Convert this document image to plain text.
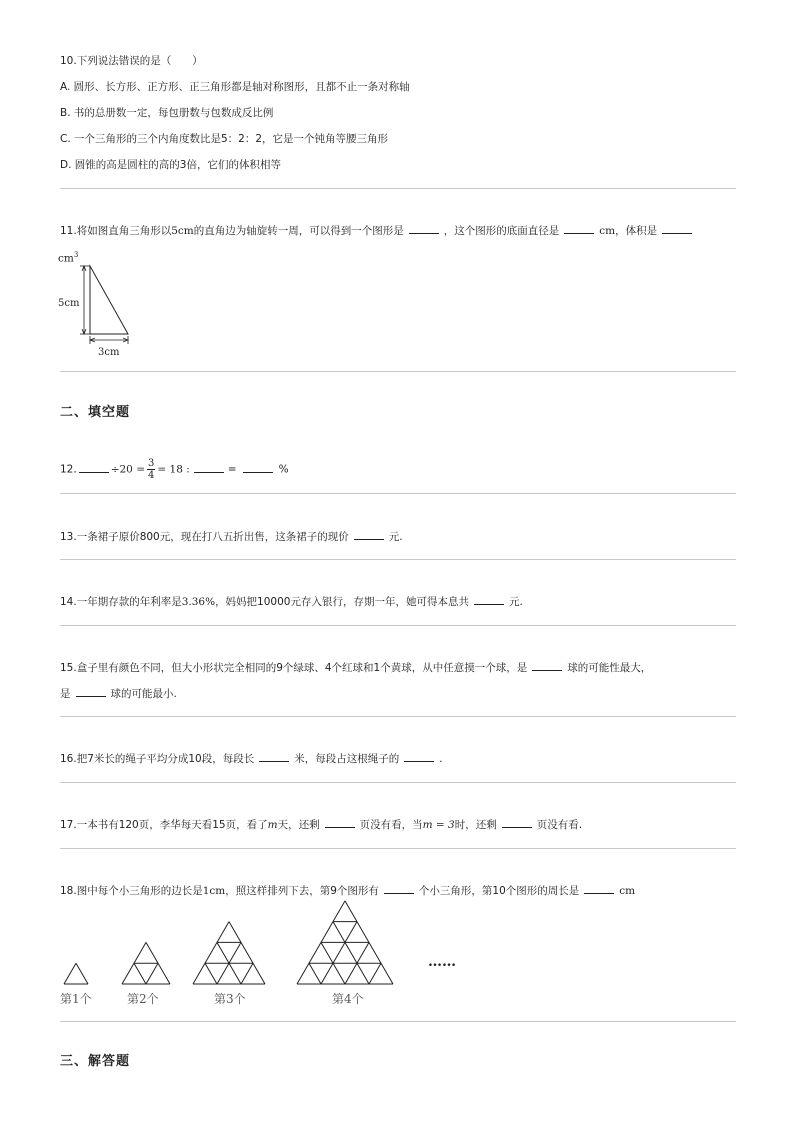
10.下列说法错误的是（　　）
A. 圆形、长方形、正方形、正三角形都是轴对称图形，且都不止一条对称轴
B. 书的总册数一定，每包册数与包数成反比例
C. 一个三角形的三个内角度数比是5：2：2，它是一个钝角等腰三角形
D. 圆锥的高是圆柱的高的3倍，它们的体积相等
11.将如图直角三角形以5cm的直角边为轴旋转一周，可以得到一个图形是	，这个图形的底面直径是	cm，体积是
$cm^3$
5cm
3cm
二、填空题
12.	$\div 20 = \frac{3}{4} = 18$ :	=	%
13.一条裙子原价800元，现在打八五折出售，这条裙子的现价	元.
14.一年期存款的年利率是3.36%，妈妈把10000元存入银行，存期一年，她可得本息共	元.
15.盒子里有颜色不同，但大小形状完全相同的9个绿球、4个红球和1个黄球，从中任意摸一个球，是	球的可能性最大，
是	球的可能最小.
16.把7米长的绳子平均分成10段，每段长	米，每段占这根绳子的	.
17.一本书有120页，李华每天看15页，看了m天，还剩	页没有看，当m = 3时，还剩	页没有看.
18.图中每个小三角形的边长是1cm，照这样排列下去，第9个图形有	个小三角形，第10个图形的周长是	cm
第1个	第2个	第3个	第4个
……
三、解答题
